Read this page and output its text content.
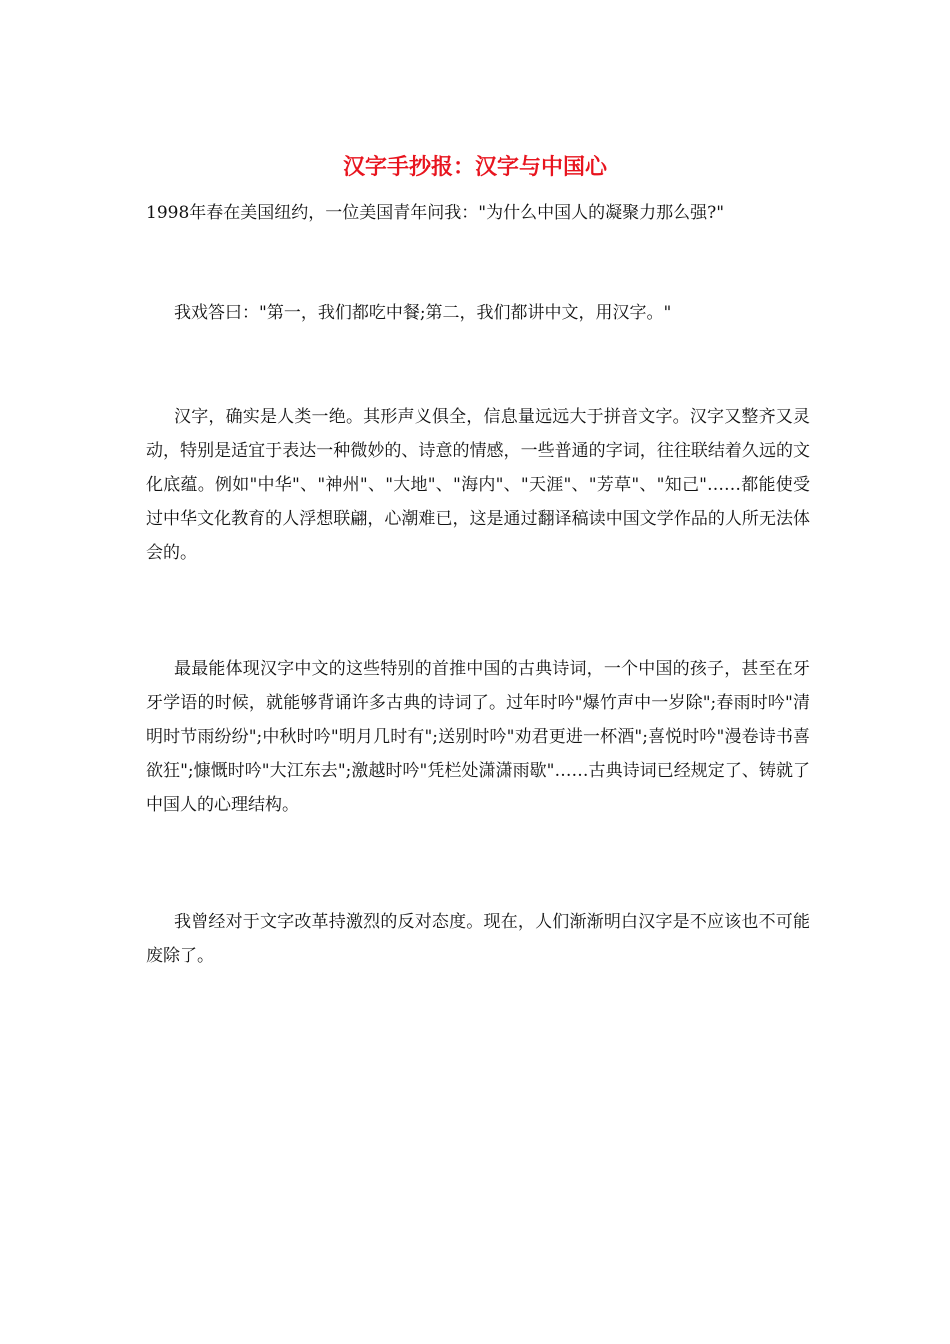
汉字手抄报：汉字与中国心

1998年春在美国纽约，一位美国青年问我："为什么中国人的凝聚力那么强?"

我戏答曰："第一，我们都吃中餐;第二，我们都讲中文，用汉字。"

汉字，确实是人类一绝。其形声义俱全，信息量远远大于拼音文字。汉字又整齐又灵动，特别是适宜于表达一种微妙的、诗意的情感，一些普通的字词，往往联结着久远的文化底蕴。例如"中华"、"神州"、"大地"、"海内"、"天涯"、"芳草"、"知己"……都能使受过中华文化教育的人浮想联翩，心潮难已，这是通过翻译稿读中国文学作品的人所无法体会的。

最最能体现汉字中文的这些特别的首推中国的古典诗词，一个中国的孩子，甚至在牙牙学语的时候，就能够背诵许多古典的诗词了。过年时吟"爆竹声中一岁除";春雨时吟"清明时节雨纷纷";中秋时吟"明月几时有";送别时吟"劝君更进一杯酒";喜悦时吟"漫卷诗书喜欲狂";慷慨时吟"大江东去";激越时吟"凭栏处潇潇雨歇"……古典诗词已经规定了、铸就了中国人的心理结构。

我曾经对于文字改革持激烈的反对态度。现在，人们渐渐明白汉字是不应该也不可能废除了。
